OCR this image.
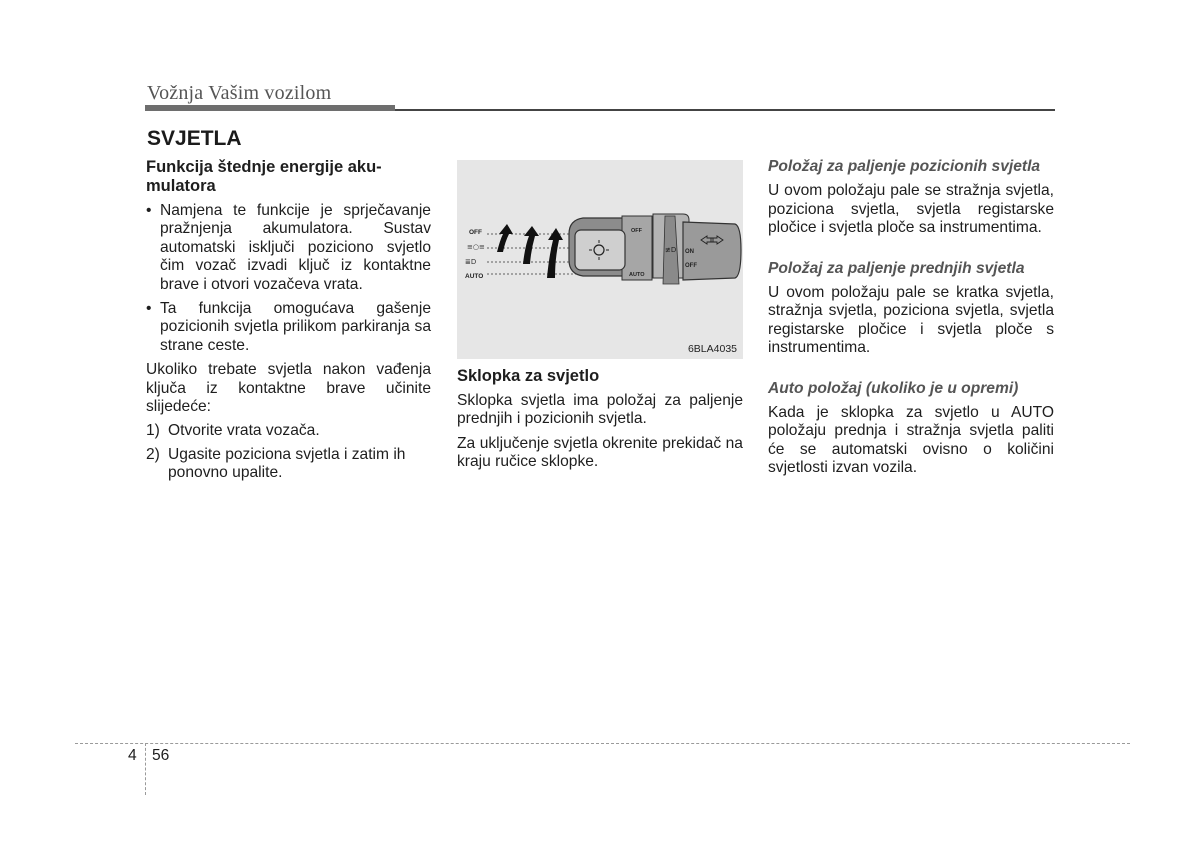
Vožnja Vašim vozilom
SVJETLA

Funkcija štednje energije akumulatora

• Namjena te funkcije je sprječavanje pražnjenja akumulatora. Sustav automatski isključi poziciono svjetlo čim vozač izvadi ključ iz kontaktne brave i otvori vozačeva vrata.
• Ta funkcija omogućava gašenje pozicionih svjetla prilikom parkiranja sa strane ceste.

Ukoliko trebate svjetla nakon vađenja ključa iz kontaktne brave učinite slijedeće:

1) Otvorite vrata vozača.
2) Ugasite poziciona svjetla i zatim ih ponovno upalite.
OFF
≡○≡
≣D
AUTO
OFF
AUTO
≢D ON
OFF
6BLA4035

Sklopka za svjetlo

Sklopka svjetla ima položaj za paljenje prednjih i pozicionih svjetla.

Za uključenje svjetla okrenite prekidač na kraju ručice sklopke.

Položaj za paljenje pozicionih svjetla

U ovom položaju pale se stražnja svjetla, poziciona svjetla, svjetla registarske pločice i svjetla ploče sa instrumentima.

Položaj za paljenje prednjih svjetla

U ovom položaju pale se kratka svjetla, stražnja svjetla, poziciona svjetla, svjetla registarske pločice i svjetla ploče s instrumentima.

Auto položaj (ukoliko je u opremi)

Kada je sklopka za svjetlo u AUTO položaju prednja i stražnja svjetla paliti će se automatski ovisno o količini svjetlosti izvan vozila.

4 56
